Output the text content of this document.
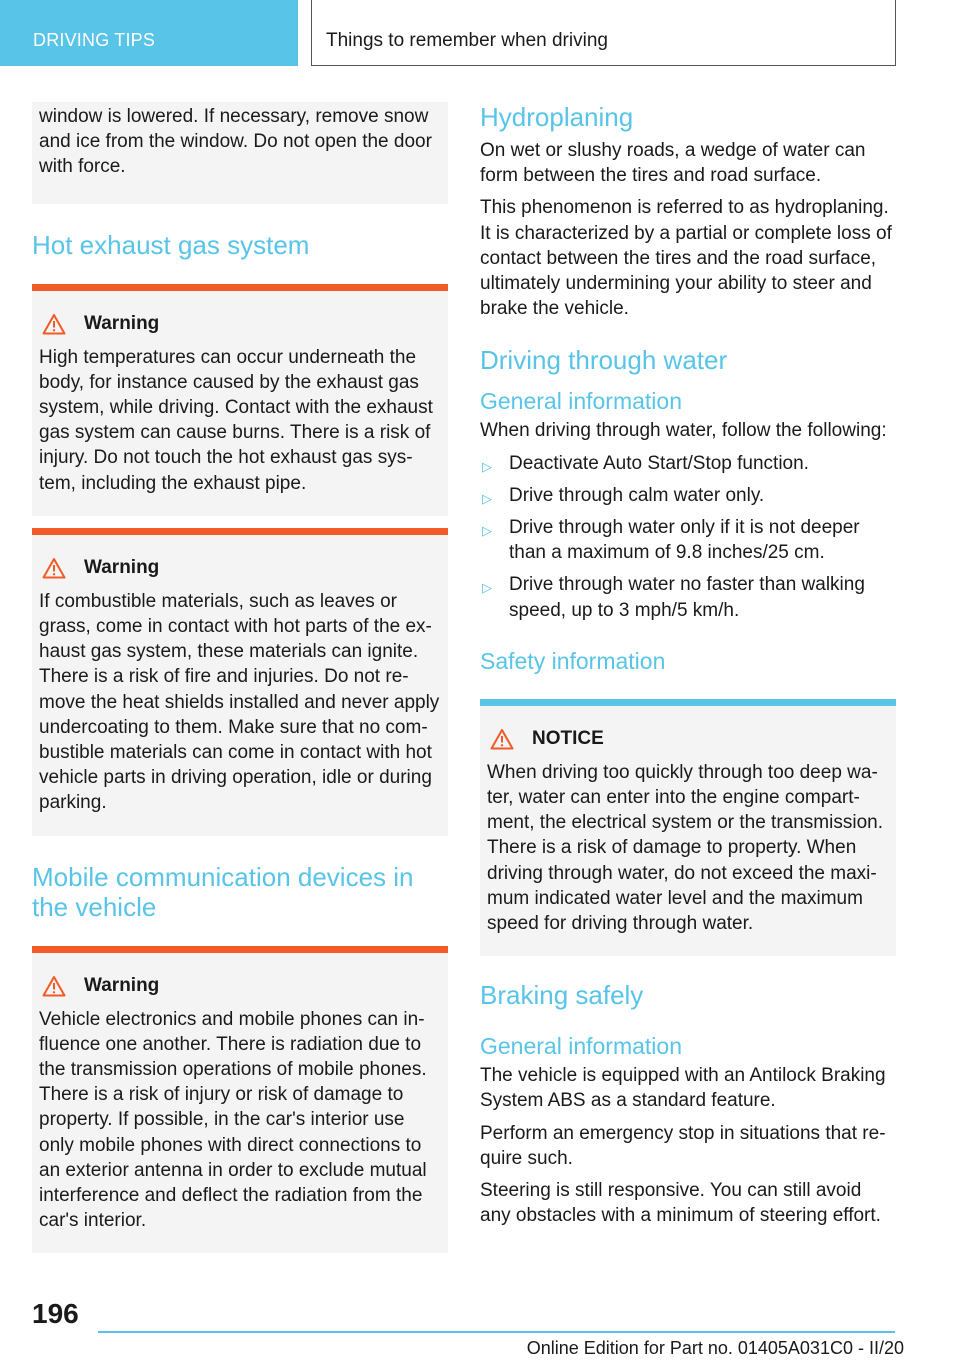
DRIVING TIPS	Things to remember when driving

window is lowered. If necessary, remove snow and ice from the window. Do not open the door with force.

Hot exhaust gas system
Warning

High temperatures can occur underneath the body, for instance caused by the exhaust gas system, while driving. Contact with the exhaust gas system can cause burns. There is a risk of injury. Do not touch the hot exhaust gas system, including the exhaust pipe.

Warning

If combustible materials, such as leaves or grass, come in contact with hot parts of the exhaust gas system, these materials can ignite. There is a risk of fire and injuries. Do not remove the heat shields installed and never apply undercoating to them. Make sure that no combustible materials can come in contact with hot vehicle parts in driving operation, idle or during parking.

Mobile communication devices in the vehicle
Warning

Vehicle electronics and mobile phones can influence one another. There is radiation due to the transmission operations of mobile phones. There is a risk of injury or risk of damage to property. If possible, in the car's interior use only mobile phones with direct connections to an exterior antenna in order to exclude mutual interference and deflect the radiation from the car's interior.

Hydroplaning

On wet or slushy roads, a wedge of water can form between the tires and road surface.

This phenomenon is referred to as hydroplaning. It is characterized by a partial or complete loss of contact between the tires and the road surface, ultimately undermining your ability to steer and brake the vehicle.

Driving through water
General information

When driving through water, follow the following:

▷ Deactivate Auto Start/Stop function.
▷ Drive through calm water only.
▷ Drive through water only if it is not deeper than a maximum of 9.8 inches/25 cm.
▷ Drive through water no faster than walking speed, up to 3 mph/5 km/h.
Safety information
NOTICE

When driving too quickly through too deep water, water can enter into the engine compartment, the electrical system or the transmission. There is a risk of damage to property. When driving through water, do not exceed the maximum indicated water level and the maximum speed for driving through water.

Braking safely
General information

The vehicle is equipped with an Antilock Braking System ABS as a standard feature.

Perform an emergency stop in situations that require such.

Steering is still responsive. You can still avoid any obstacles with a minimum of steering effort.

196
Online Edition for Part no. 01405A031C0 - II/20
